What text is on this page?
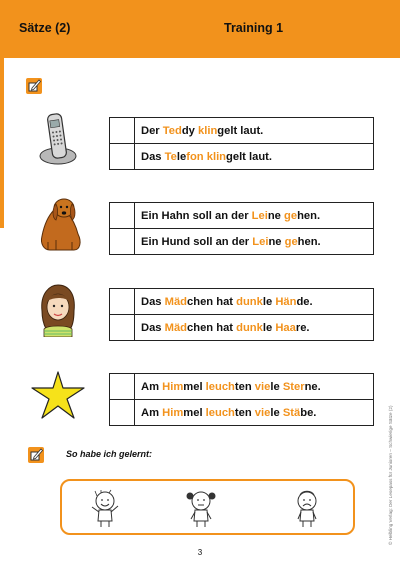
Sätze (2)	Training 1
Der Teddy klingelt laut.
Das Telefon klingelt laut.
Ein Hahn soll an der Leine gehen.
Ein Hund soll an der Leine gehen.
Das Mädchen hat dunkle Hände.
Das Mädchen hat dunkle Haare.
Am Himmel leuchten viele Sterne.
Am Himmel leuchten viele Stäbe.
So habe ich gelernt:
3
© Helbling Verlag: Der Lesepass für Junioren – Schwierige Sätze (2)
